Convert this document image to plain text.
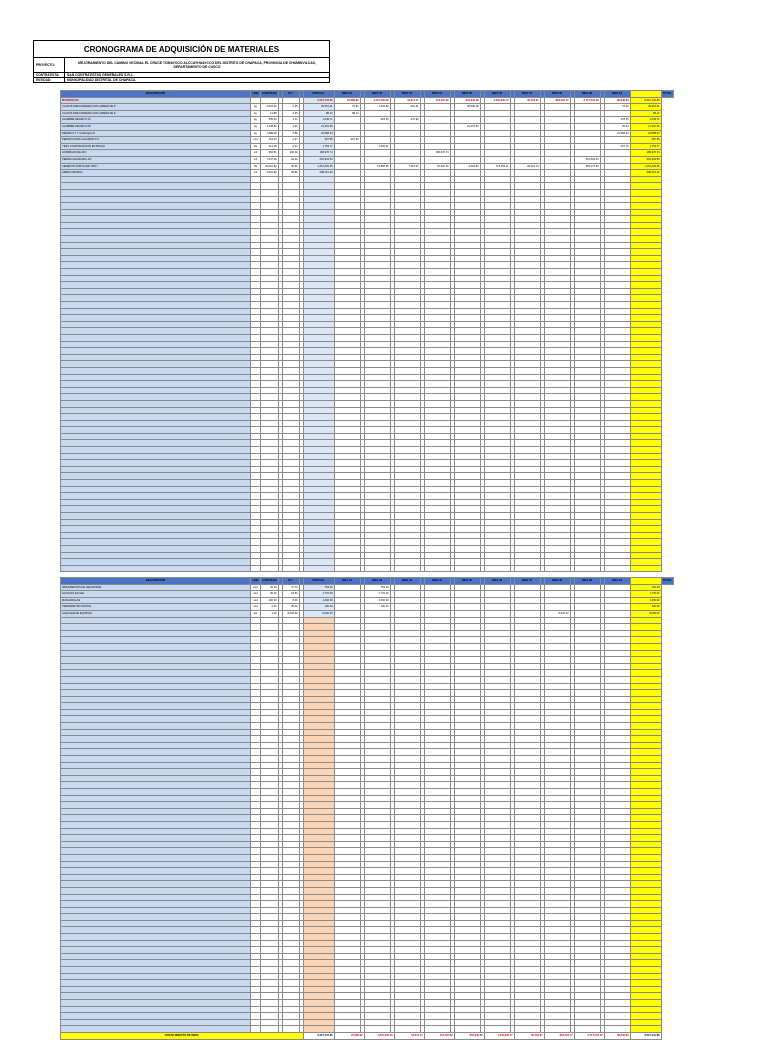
CRONOGRAMA DE ADQUISICIÓN DE MATERIALES	
PROYECTO:	MEJORAMIENTO DEL CAMINO VECINAL EL CRUCE TOMAYOCO ALCCAYHUAYCCO DEL DISTRITO DE CHAPACA, PROVINCIA DE CHUMBIVILCAS, DEPARTAMENTO DE CUSCO
CONTRATISTA:	SAN CONTRATISTAS GENERALES S.R.L.
ENTIDAD:	MUNICIPALIDAD DISTRITAL DE CHAPACA
DESCRIPCIÓN	UND	CANTIDAD		P.U.		PARCIAL	MES 01		MES 02		MES 03		MES 04		MES 05		MES 06		MES 07		MES 08		MES 09		MES 10		TOTAL
MATERIALES						9,527,131.86	97,689.92		4,070,200.09		16,317.11		173,187.62		652,946.36		1,349,695.77		35,716.61		864,454.77		2,717,034.10		99,646.63	9,527,131.86	
CLAVOS PARA MADERA CON CABEZA DE 3"	kg	4,622.30		6.35		29,351.61	75.45		1,229.83		291.41				28,590.28										73.42	29,351.61	
CLAVOS PARA MADERA CON CABEZA DE 4"	kg	13.88		6.35		88.12	88.12																			88.12	
ALAMBRE NEGRO # 16	kg	255.43		4.11		1,049.71			523.36		347.90														178.45	1,049.71	
ALAMBRE NEGRO # 08	kg	4,338.82		4.93		21,391.96									21,276.52										95.44	21,391.96	
FIERRO F'Y = 4,200 kg/cm2	kg	7,888.09		2.86		22,558.34																			22,558.34	22,558.34	
PERNOS PARA CALAMINA 5"X	und	154.33		2.57		397.56	397.56																			397.56	
YESO CONSTRUCCION EN BOLSA	bls	214.05		8.24		1,763.77			1,526.01																237.76	1,763.77	
HORMIGON DE RIO	m3	952.51		190.00		180,976.74							180,976.74													180,976.74	
PIEDRA CHANCADA 1/2"	m3	7,037.28		94.00		661,504.53																	661,504.53			661,504.53	
CEMENTO PORTLAND TIPO I	bls	43,916.82		28.50		1,251,629.35			16,858.65		7,310.07		15,422.16		4,602.60		722,350.11		29,901.74				455,173.90			1,251,629.35	
ARENA GRUESA	m3	6,891.82		99.86		688,215.02																				688,215.02	

DESCRIPCIÓN	UND	CANTIDAD		P.U.		PARCIAL	MES 01		MES 02		MES 03		MES 04		MES 05		MES 06		MES 07		MES 08		MES 09		MES 10		TOTAL
IMPLEMENTOS DE SEGURIDAD	und	20.00		37.72		754.40			754.40																	754.40	
ALCOHOL EN GEL	und	96.00		18.50		1,776.00			1,776.00																	1,776.00	
MASCARILLAS	und	200.00		8.00		1,600.00			1,600.00																	1,600.00	
TERMOMETRO DIGITAL	und	2.00		95.00		190.00			190.00																	190.00	
ALQUILER DE EQUIPOS	glb	1.00		8,000.00		8,000.00															8,000.00					8,000.00	

COSTO DIRECTO DE OBRA						9,527,131.86	97,689.92		4,070,200.09		16,317.11		173,187.62		652,946.36		1,349,695.77		35,716.61		864,454.77		2,717,034.10		99,646.63	9,527,131.86	
